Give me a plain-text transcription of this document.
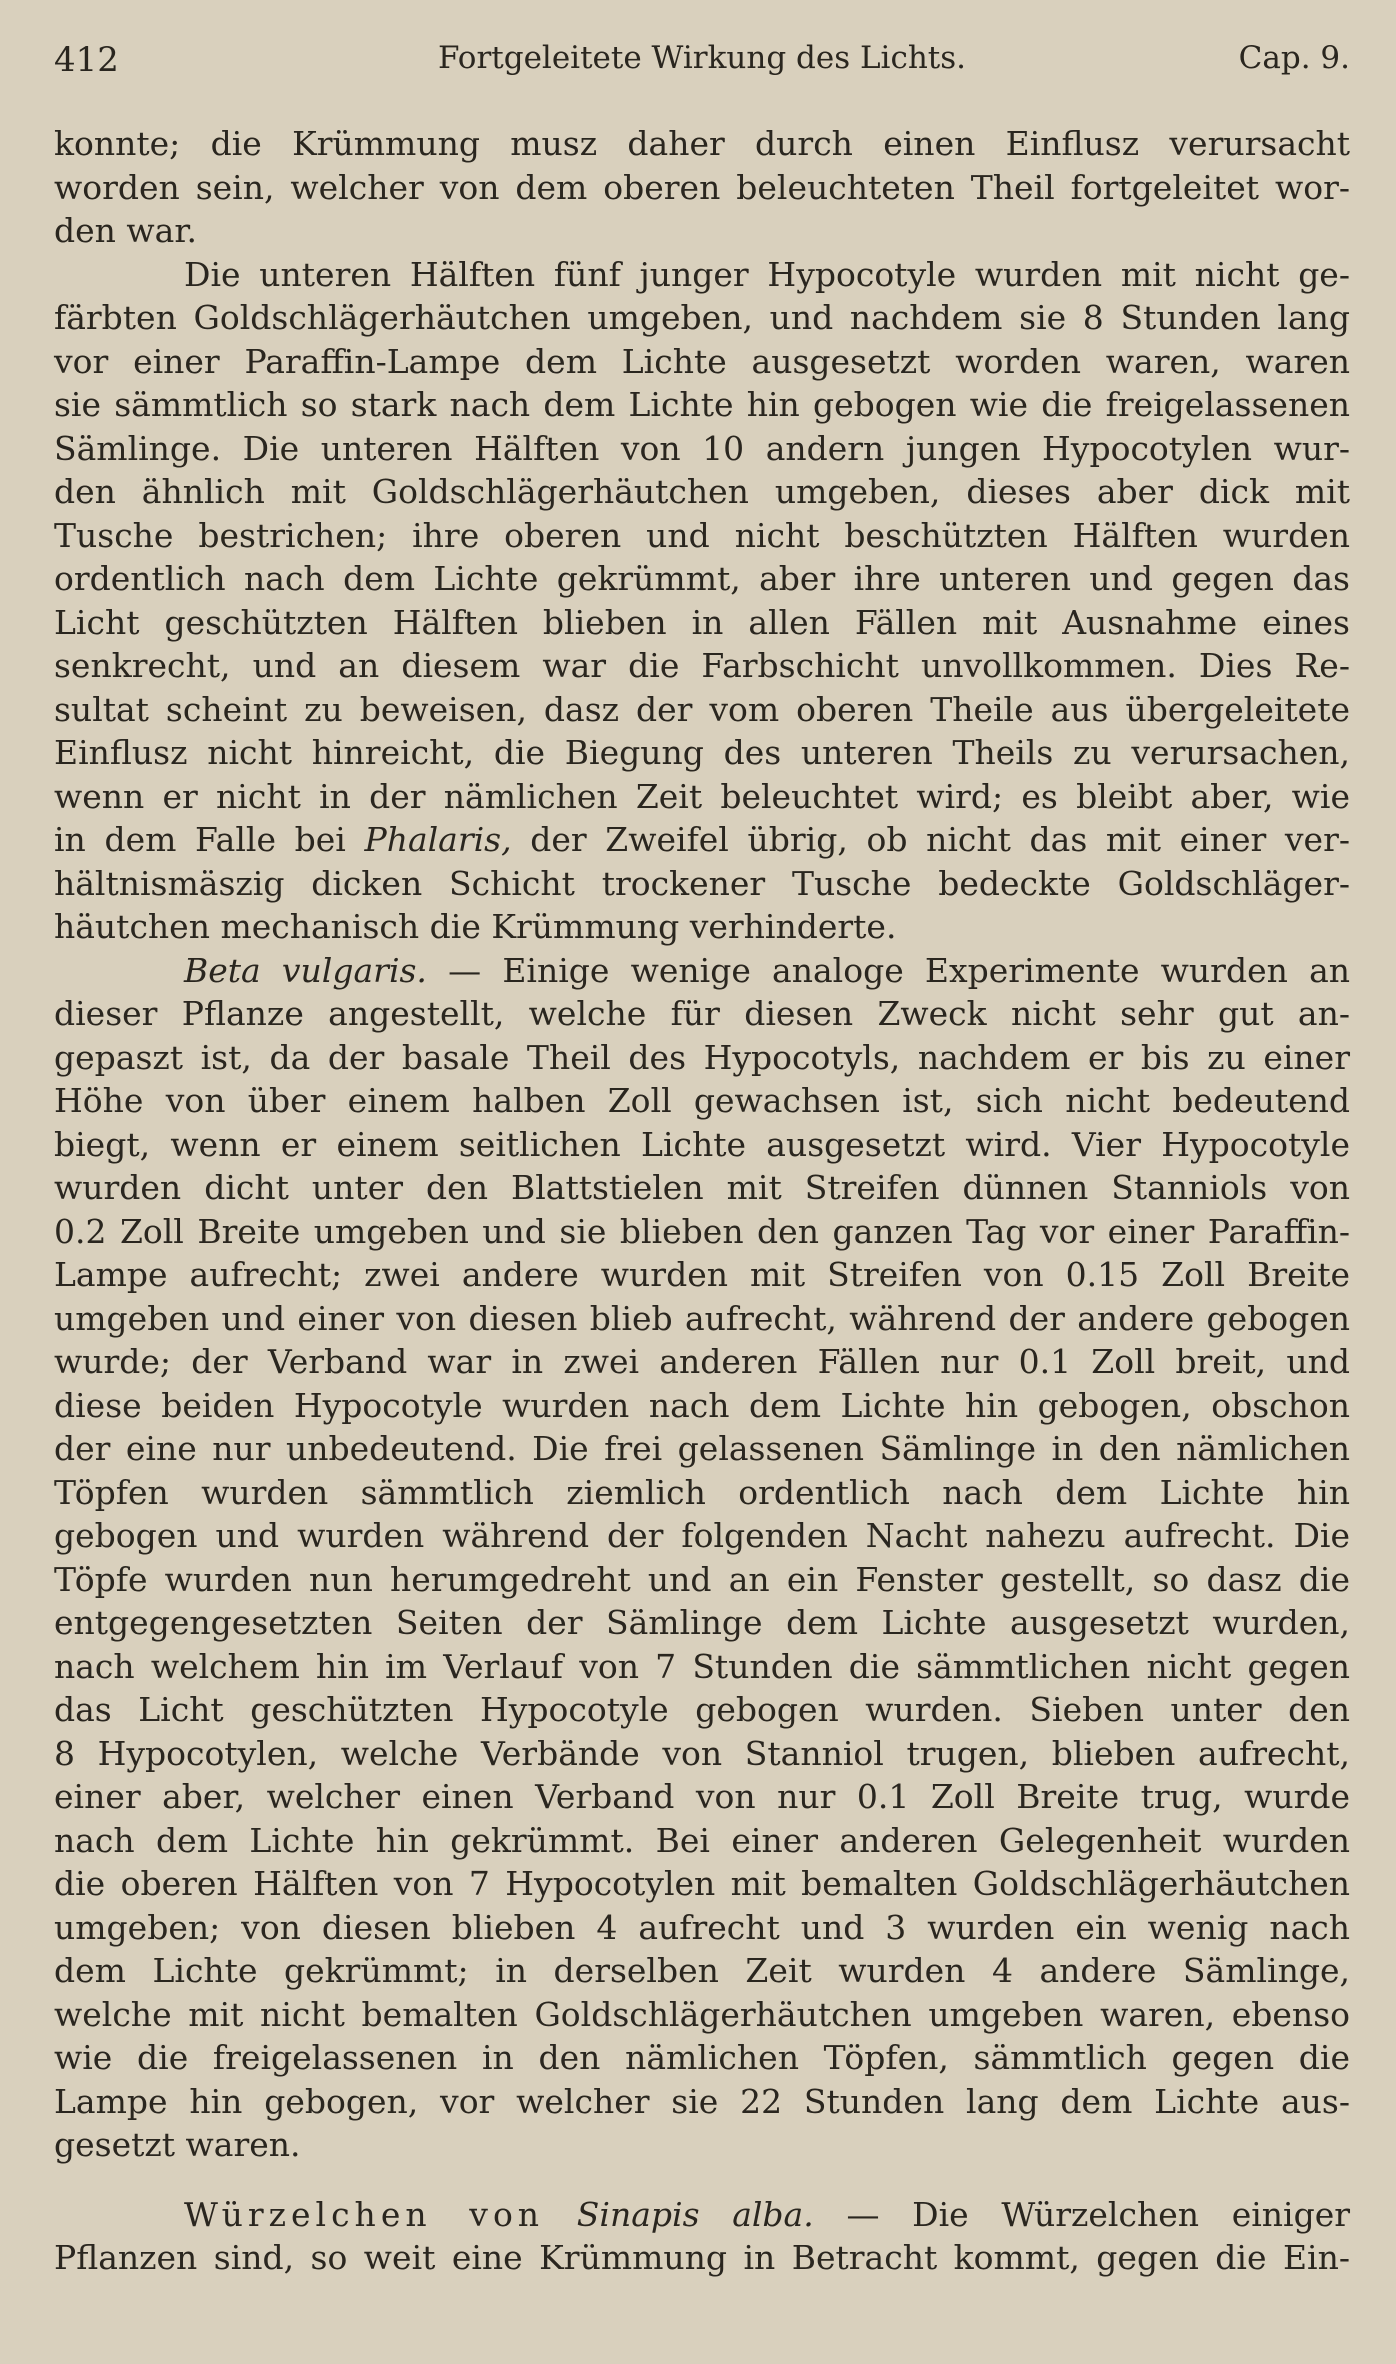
412	Fortgeleitete Wirkung des Lichts.	Cap. 9.
konnte; die Krümmung musz daher durch einen Einflusz verursacht
worden sein, welcher von dem oberen beleuchteten Theil fortgeleitet wor-
den war.
Die unteren Hälften fünf junger Hypocotyle wurden mit nicht ge-
färbten Goldschlägerhäutchen umgeben, und nachdem sie 8 Stunden lang
vor einer Paraffin-Lampe dem Lichte ausgesetzt worden waren, waren
sie sämmtlich so stark nach dem Lichte hin gebogen wie die freigelassenen
Sämlinge. Die unteren Hälften von 10 andern jungen Hypocotylen wur-
den ähnlich mit Goldschlägerhäutchen umgeben, dieses aber dick mit
Tusche bestrichen; ihre oberen und nicht beschützten Hälften wurden
ordentlich nach dem Lichte gekrümmt, aber ihre unteren und gegen das
Licht geschützten Hälften blieben in allen Fällen mit Ausnahme eines
senkrecht, und an diesem war die Farbschicht unvollkommen. Dies Re-
sultat scheint zu beweisen, dasz der vom oberen Theile aus übergeleitete
Einflusz nicht hinreicht, die Biegung des unteren Theils zu verursachen,
wenn er nicht in der nämlichen Zeit beleuchtet wird; es bleibt aber, wie
in dem Falle bei Phalaris, der Zweifel übrig, ob nicht das mit einer ver-
hältnismäszig dicken Schicht trockener Tusche bedeckte Goldschläger-
häutchen mechanisch die Krümmung verhinderte.
Beta vulgaris. — Einige wenige analoge Experimente wurden an
dieser Pflanze angestellt, welche für diesen Zweck nicht sehr gut an-
gepaszt ist, da der basale Theil des Hypocotyls, nachdem er bis zu einer
Höhe von über einem halben Zoll gewachsen ist, sich nicht bedeutend
biegt, wenn er einem seitlichen Lichte ausgesetzt wird. Vier Hypocotyle
wurden dicht unter den Blattstielen mit Streifen dünnen Stanniols von
0.2 Zoll Breite umgeben und sie blieben den ganzen Tag vor einer Paraffin-
Lampe aufrecht; zwei andere wurden mit Streifen von 0.15 Zoll Breite
umgeben und einer von diesen blieb aufrecht, während der andere gebogen
wurde; der Verband war in zwei anderen Fällen nur 0.1 Zoll breit, und
diese beiden Hypocotyle wurden nach dem Lichte hin gebogen, obschon
der eine nur unbedeutend. Die frei gelassenen Sämlinge in den nämlichen
Töpfen wurden sämmtlich ziemlich ordentlich nach dem Lichte hin
gebogen und wurden während der folgenden Nacht nahezu aufrecht. Die
Töpfe wurden nun herumgedreht und an ein Fenster gestellt, so dasz die
entgegengesetzten Seiten der Sämlinge dem Lichte ausgesetzt wurden,
nach welchem hin im Verlauf von 7 Stunden die sämmtlichen nicht gegen
das Licht geschützten Hypocotyle gebogen wurden. Sieben unter den
8 Hypocotylen, welche Verbände von Stanniol trugen, blieben aufrecht,
einer aber, welcher einen Verband von nur 0.1 Zoll Breite trug, wurde
nach dem Lichte hin gekrümmt. Bei einer anderen Gelegenheit wurden
die oberen Hälften von 7 Hypocotylen mit bemalten Goldschlägerhäutchen
umgeben; von diesen blieben 4 aufrecht und 3 wurden ein wenig nach
dem Lichte gekrümmt; in derselben Zeit wurden 4 andere Sämlinge,
welche mit nicht bemalten Goldschlägerhäutchen umgeben waren, ebenso
wie die freigelassenen in den nämlichen Töpfen, sämmtlich gegen die
Lampe hin gebogen, vor welcher sie 22 Stunden lang dem Lichte aus-
gesetzt waren.
Würzelchen von Sinapis alba. — Die Würzelchen einiger
Pflanzen sind, so weit eine Krümmung in Betracht kommt, gegen die Ein-
